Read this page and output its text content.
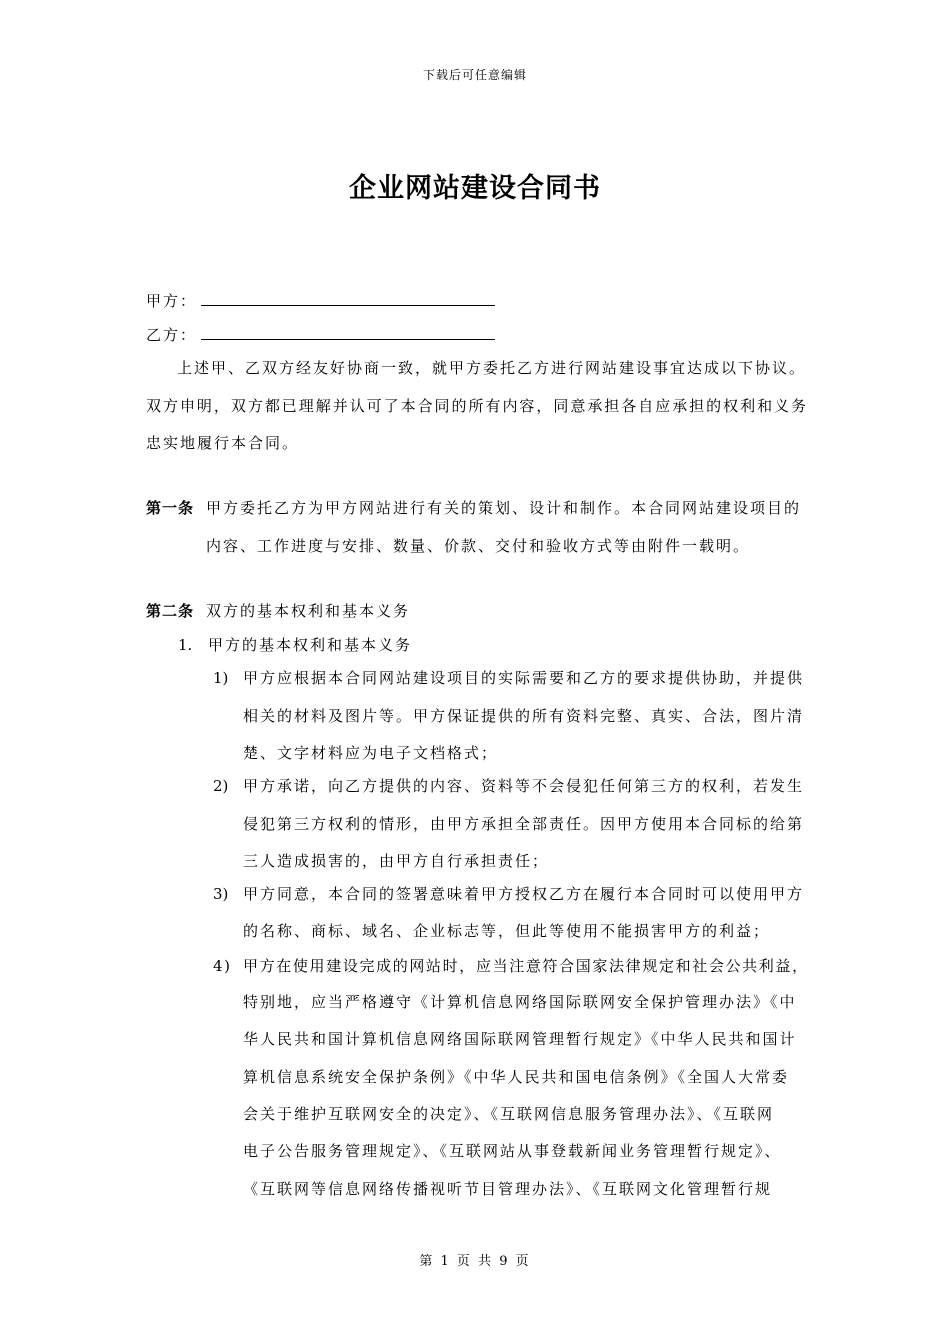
下载后可任意编辑
企业网站建设合同书
甲方：
乙方：
上述甲、乙双方经友好协商一致，就甲方委托乙方进行网站建设事宜达成以下协议。
双方申明，双方都已理解并认可了本合同的所有内容，同意承担各自应承担的权利和义务
忠实地履行本合同。
第一条 甲方委托乙方为甲方网站进行有关的策划、设计和制作。本合同网站建设项目的
内容、工作进度与安排、数量、价款、交付和验收方式等由附件一载明。
第二条 双方的基本权利和基本义务
1. 甲方的基本权利和基本义务
1) 甲方应根据本合同网站建设项目的实际需要和乙方的要求提供协助，并提供
相关的材料及图片等。甲方保证提供的所有资料完整、真实、合法，图片清
楚、文字材料应为电子文档格式；
2) 甲方承诺，向乙方提供的内容、资料等不会侵犯任何第三方的权利，若发生
侵犯第三方权利的情形，由甲方承担全部责任。因甲方使用本合同标的给第
三人造成损害的，由甲方自行承担责任；
3) 甲方同意，本合同的签署意味着甲方授权乙方在履行本合同时可以使用甲方
的名称、商标、域名、企业标志等，但此等使用不能损害甲方的利益；
4) 甲方在使用建设完成的网站时，应当注意符合国家法律规定和社会公共利益，
特别地，应当严格遵守《计算机信息网络国际联网安全保护管理办法》《中
华人民共和国计算机信息网络国际联网管理暂行规定》《中华人民共和国计
算机信息系统安全保护条例》《中华人民共和国电信条例》《全国人大常委
会关于维护互联网安全的决定》、《互联网信息服务管理办法》、《互联网
电子公告服务管理规定》、《互联网站从事登载新闻业务管理暂行规定》、
《互联网等信息网络传播视听节目管理办法》、《互联网文化管理暂行规
第 1 页 共 9 页
